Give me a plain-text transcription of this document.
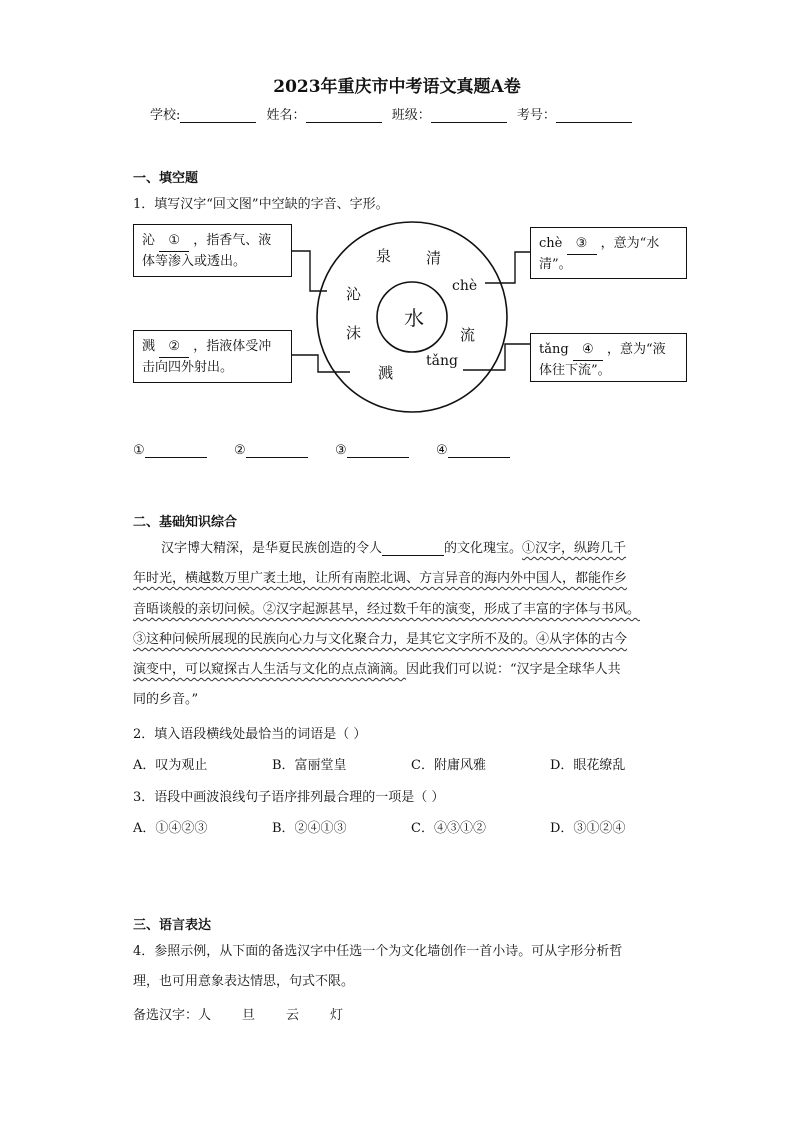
2023年重庆市中考语文真题A卷
学校:	姓名：	班级：	考号：
一、填空题
1．填写汉字“回文图”中空缺的字音、字形。
沁 ① ，指香气、液体等渗入或透出。
溅 ② ，指液体受冲击向四外射出。
chè ③ ，意为“水清”。
tǎng ④ ，意为“液体往下流”。
水
泉 清
chè
流
tǎng
溅
沫
沁
①	②	③	④
二、基础知识综合
汉字博大精深，是华夏民族创造的令人	的文化瑰宝。①汉字，纵跨几千
年时光，横越数万里广袤土地，让所有南腔北调、方言异音的海内外中国人，都能作乡
音晤谈般的亲切问候。②汉字起源甚早，经过数千年的演变，形成了丰富的字体与书风。
③这种问候所展现的民族向心力与文化聚合力，是其它文字所不及的。④从字体的古今
演变中，可以窥探古人生活与文化的点点滴滴。因此我们可以说：“汉字是全球华人共
同的乡音。”
2．填入语段横线处最恰当的词语是（ ）
A．叹为观止	B．富丽堂皇	C．附庸风雅	D．眼花缭乱
3．语段中画波浪线句子语序排列最合理的一项是（ ）
A．①④②③	B．②④①③	C．④③①②	D．③①②④
三、语言表达
4．参照示例，从下面的备选汉字中任选一个为文化墙创作一首小诗。可从字形分析哲
理，也可用意象表达情思，句式不限。
备选汉字：人 旦 云 灯
